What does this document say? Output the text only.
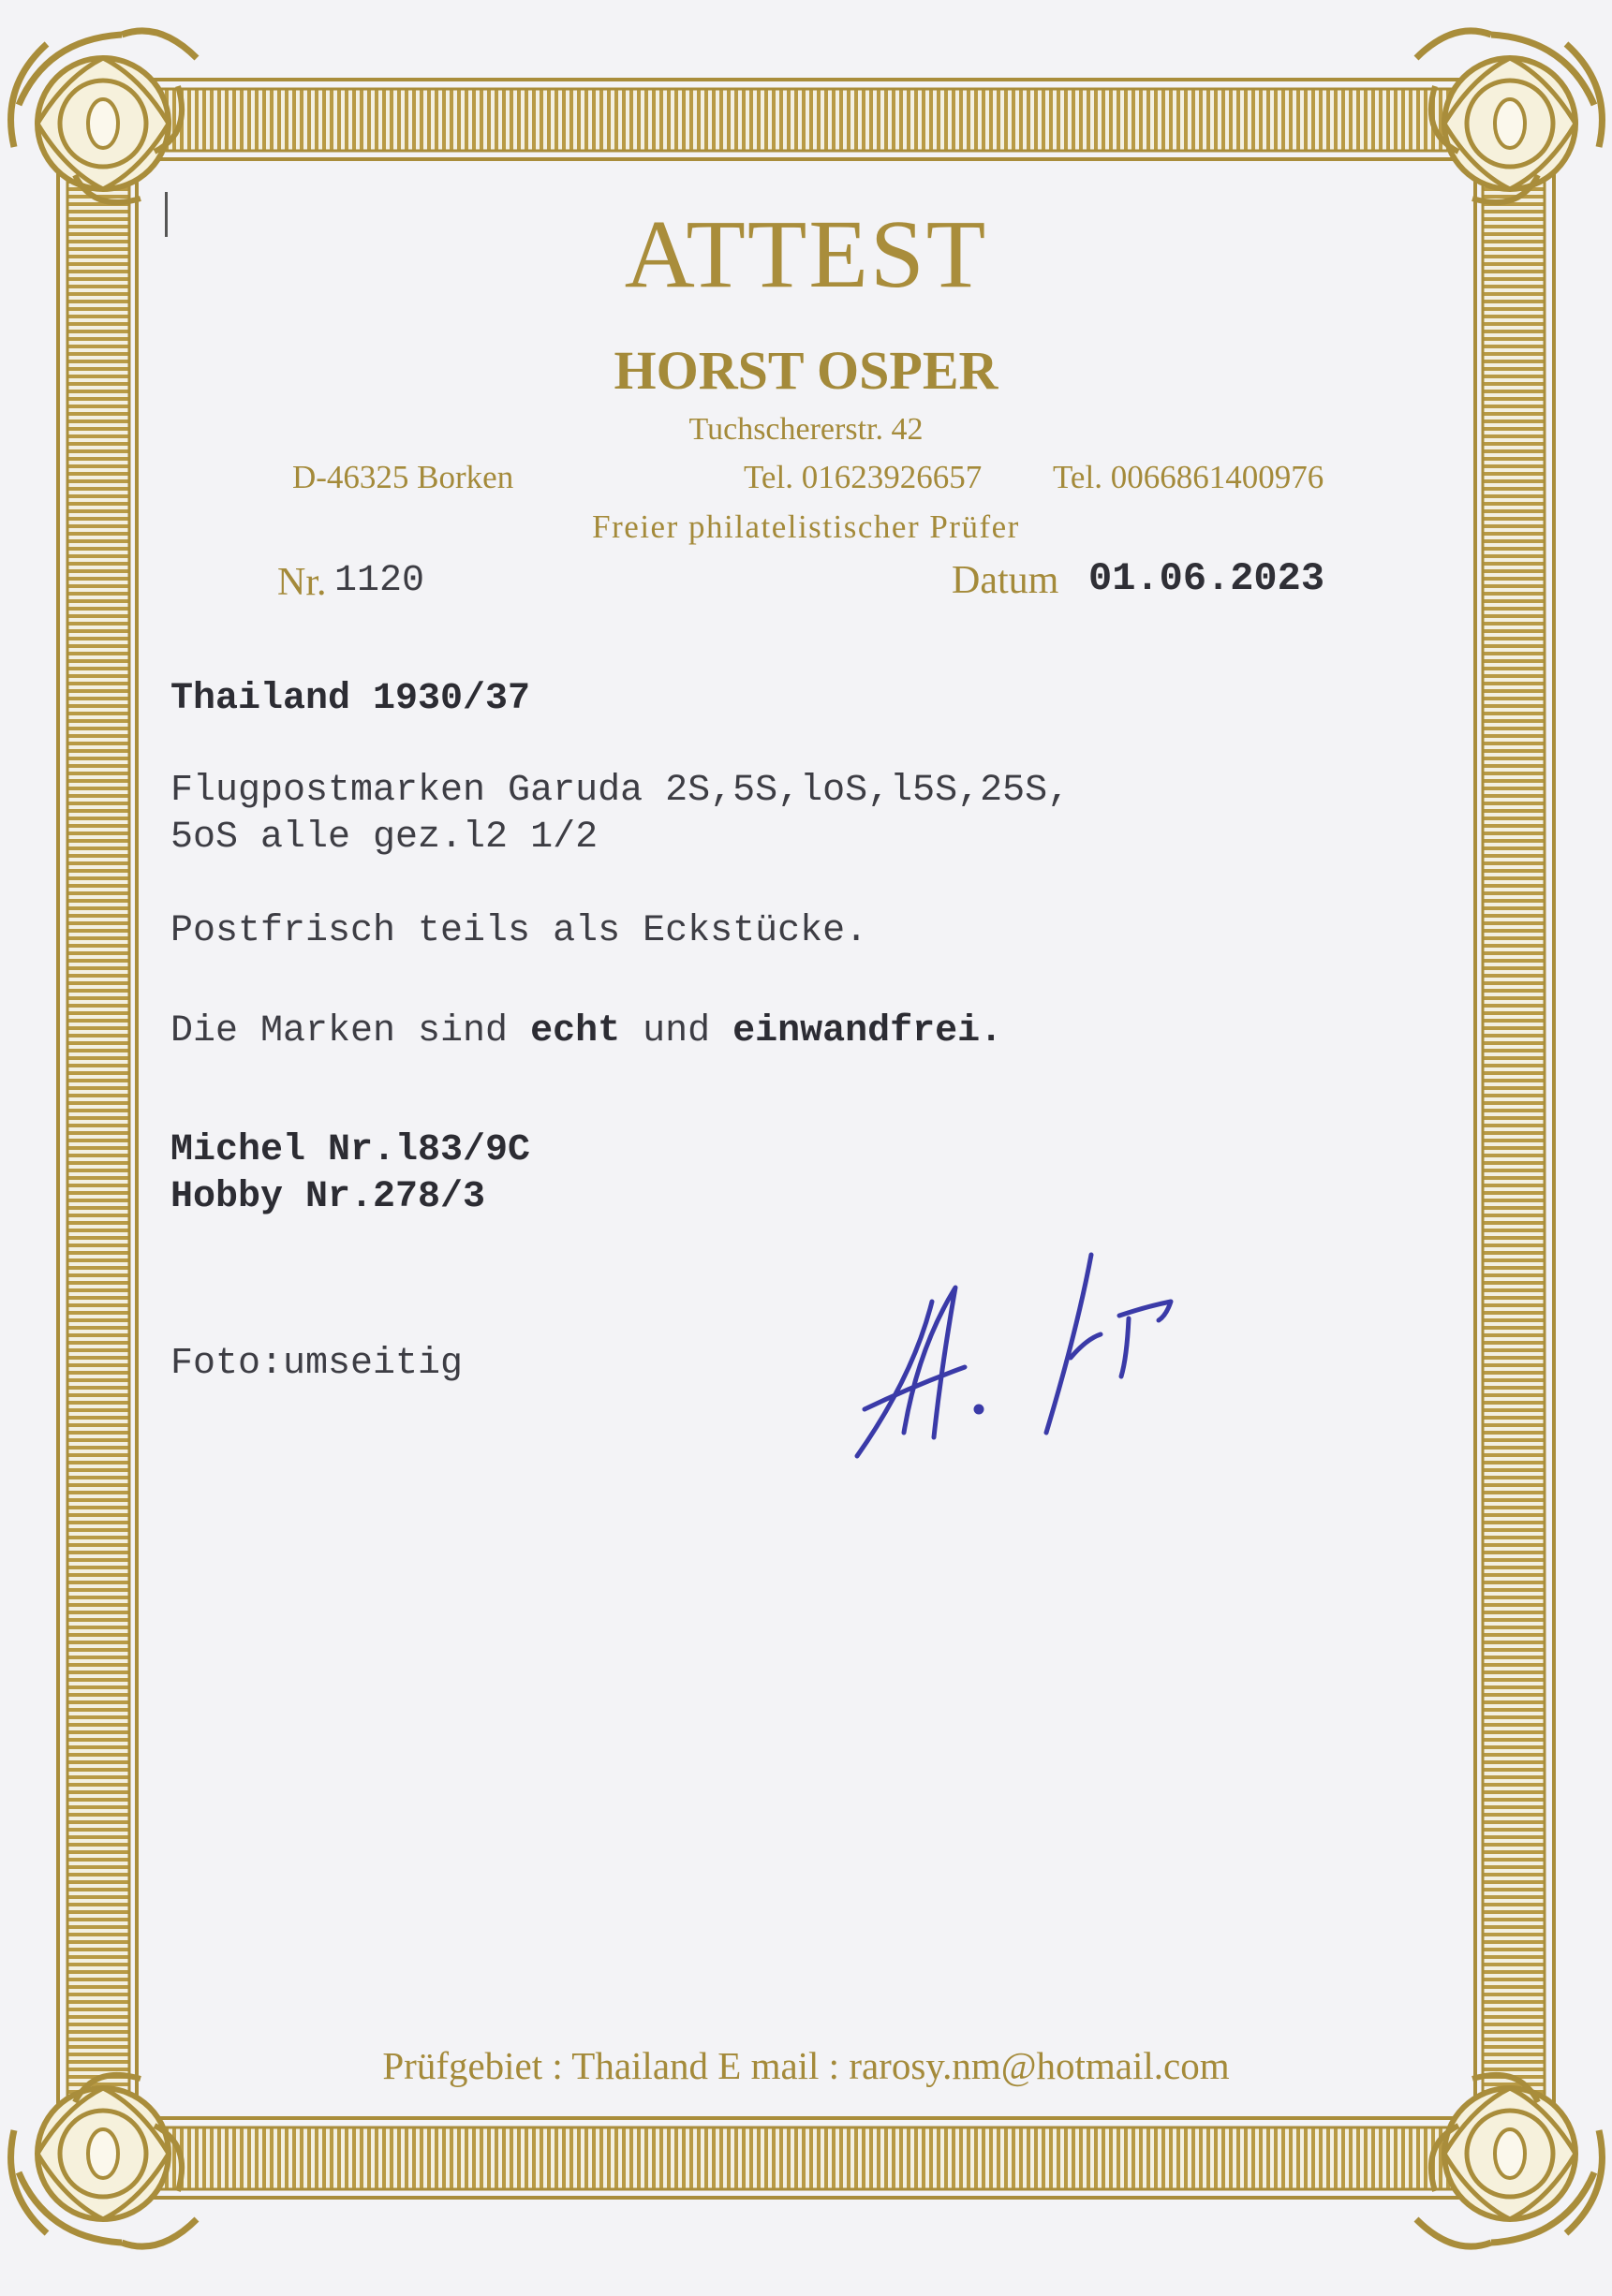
ATTEST
HORST OSPER
Tuchschererstr. 42
D-46325 Borken	Tel. 01623926657 Tel. 0066861400976
Freier philatelistischer Prüfer
Nr. 1120	Datum 01.06.2023
Thailand 1930/37
Flugpostmarken Garuda 2S,5S,loS,l5S,25S,
5oS alle gez.l2 1/2
Postfrisch teils als Eckstücke.
Die Marken sind echt und einwandfrei.
Michel Nr.l83/9C
Hobby Nr.278/3
Foto:umseitig
Prüfgebiet : Thailand E mail : rarosy.nm@hotmail.com
